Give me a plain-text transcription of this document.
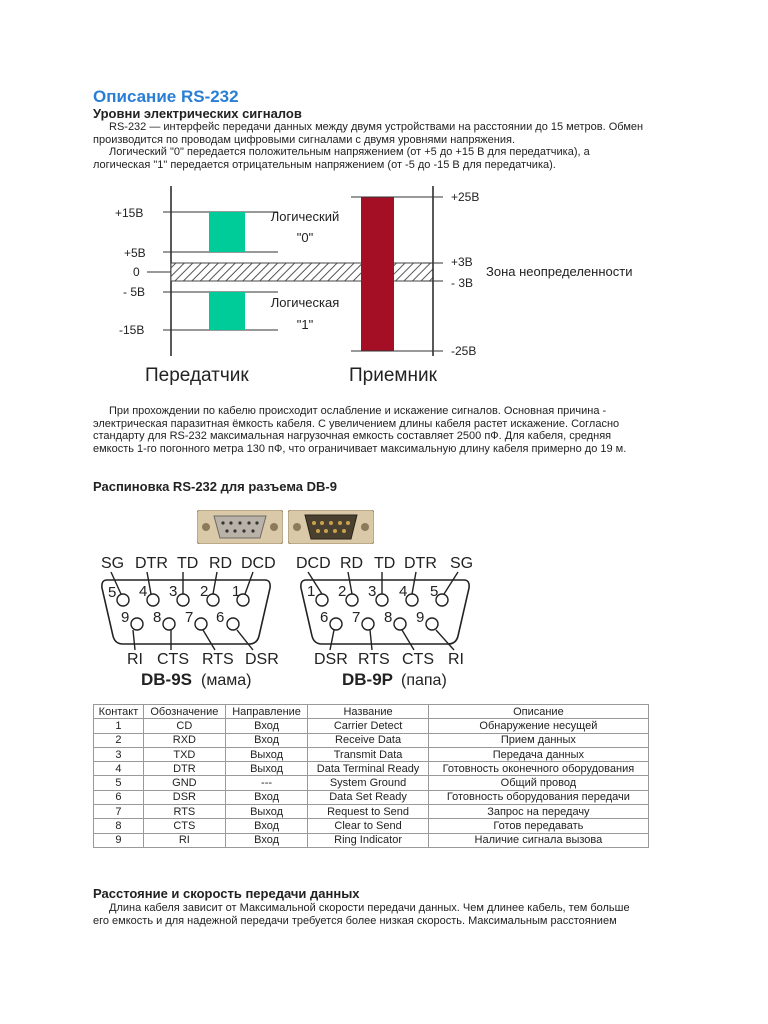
Описание RS-232
Уровни электрических сигналов

RS-232 — интерфейс передачи данных между двумя устройствами на расстоянии до 15 метров. Обмен

производится по проводам цифровыми сигналами с двумя уровнями напряжения.

Логический "0" передается положительным напряжением (от +5 до +15 В для передатчика), а

логическая "1" передается отрицательным напряжением (от -5 до -15 В для передатчика).

+15В
+5В
0
- 5В
-15В
Логический
"0"
Логическая
"1"
+25В
+3В
- 3В
-25В
Зона неопределенности
Передатчик	Приемник

При прохождении по кабелю происходит ослабление и искажение сигналов. Основная причина -

электрическая паразитная ёмкость кабеля. С увеличением длины кабеля растет искажение. Согласно

стандарту для RS-232 максимальная нагрузочная емкость составляет 2500 пФ. Для кабеля, средняя

емкость 1-го погонного метра 130 пФ, что ограничивает максимальную длину кабеля примерно до 19 м.

Распиновка RS-232 для разъема DB-9
SG DTR TD RD DCD
5 4 3 2 1
9 8 7 6
RI CTS RTS DSR
DB-9S (мама)
DCD RD TD DTR SG
1 2 3 4 5
6 7 8 9
DSR RTS CTS RI
DB-9P (папа)
Контакт	Обозначение	Направление	Название	Описание
1	CD	Вход	Carrier Detect	Обнаружение несущей
2	RXD	Вход	Receive Data	Прием данных
3	TXD	Выход	Transmit Data	Передача данных
4	DTR	Выход	Data Terminal Ready	Готовность оконечного оборудования
5	GND	---	System Ground	Общий провод
6	DSR	Вход	Data Set Ready	Готовность оборудования передачи
7	RTS	Выход	Request to Send	Запрос на передачу
8	CTS	Вход	Clear to Send	Готов передавать
9	RI	Вход	Ring Indicator	Наличие сигнала вызова
Расстояние и скорость передачи данных

Длина кабеля зависит от Максимальной скорости передачи данных. Чем длинее кабель, тем больше

его емкость и для надежной передачи требуется более низкая скорость. Максимальным расстоянием
